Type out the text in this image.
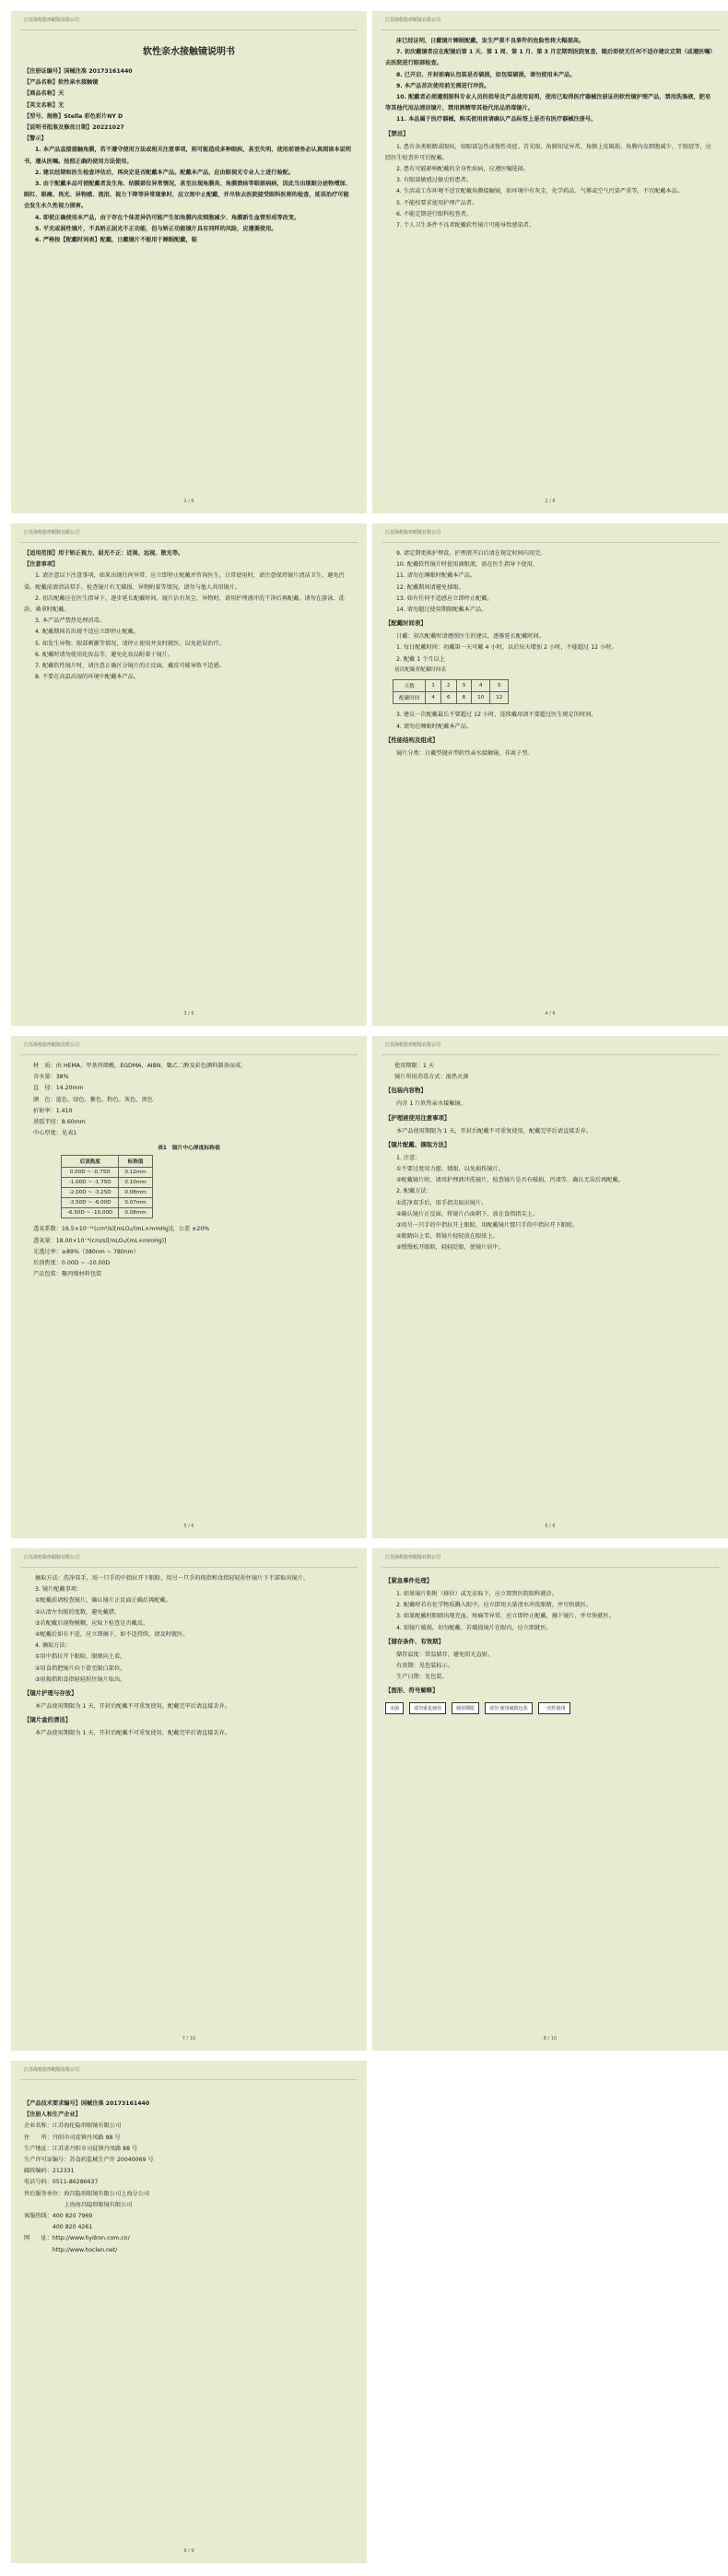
江苏海伦隐形眼镜有限公司
软性亲水接触镜说明书

【注册证编号】国械注准 20173161440

【产品名称】软性亲水接触镜

【商品名称】天

【英文名称】无

【型号、规格】Stella 彩色彩片NY D

【说明书批准及修改日期】20221027

【警示】

1. 本产品直接接触角膜，若不遵守使用方法或相关注意事项，则可能造成多种眼疾，甚至失明，使用前请务必认真阅读本说明书，遵从医嘱。按照正确的使用方法使用。

2. 建议经期和医生检查评估后，再决定是否配戴本产品。配戴本产品，应由眼视光专业人士进行验配。

3. 由于配戴本品可使配戴者发生角、结膜部位异常情况，甚至出现角膜炎、角膜溃疡等眼部病病，因此当出现眼分泌物增加、眼红、眼痛、畏光、异物感、流泪、视力下降等异常现象时，应立刻中止配戴，并尽快去医院接受眼科医师的检查，延误治疗可能会发生永久性视力损害。

4. 即使正确使用本产品，由于存在个体差异仍可能产生如角膜内皮细胞减少、角膜新生血管形成等改变。

5. 平光或弱性镜片，不具矫正屈光不正功能，但与矫正功能镜片具有同样的风险，应遵循使用。

6. 严格按【配戴时间表】配戴，日戴镜片不能用于睡眠配戴，临

1 / 6
江苏海伦隐形眼镜有限公司

床已经证明，日戴镜片睡眠配戴，发生严重不良事件的危险性将大幅提高。

7. 初次戴镜者应在配镜后第 1 天、第 1 周、第 1 月、第 3 月定期到医院复查，随后即使无任何不适亦建议定期（或遵医嘱）去医院进行眼部检查。

8. 已开启、开封前确认包装是否破损，如包装破损，请勿使用本产品。

9. 本产品首次使用前无需进行冲洗。

10. 配戴者必须遵照眼科专业人员的指导及产品使用说明，使用已取得医疗器械注册证的软性镜护理产品，禁用洗涤液，肥皂等其他代用品清洁镜片，禁用酒精等其他代用品消毒镜片。

11. 本品属于医疗器械，购买使用前请确认产品标签上是否有医疗器械注册号。

【禁忌】

1. 患有各类眼睛或眼疾，如眼部急性或慢性炎症、青光眼、角膜知觉异常、角膜上皮破损、角膜内皮细胞减少、干眼症等，应经医生检查许可后配戴。

2. 患有可能影响配戴的全身性疾病，应遵医嘱选择。

3. 有眼部敏感过敏史的患者。

4. 生活或工作环境不适宜配戴角膜接触镜，如环境中有灰尘、化学药品、气雾或空气污染严重等，不宜配戴本品。

5. 不能按要求使用护理产品者。

6. 不能定期进行眼科检查者。

7. 个人卫生条件不良者配戴软性镜片可能导致感染者。

2 / 6
江苏海伦隐形眼镜有限公司

【适用范围】用于矫正视力，屈光不正：近视、远视、散光等。

【注意事项】

1. 请注意以下注意事项，如果出现任何异常，应立即停止配戴并咨询医生。日常使用时，请注意保持镜片清洁卫生，避免污染。配戴前请清洁双手，检查镜片有无破损、异物附着等情况。请勿与他人共用镜片。

2. 初次配戴应在医生指导下，逐步延长配戴时间。镜片沾有灰尘、异物时，请用护理液冲洗干净后再配戴。请勿在游泳、洗浴、桑拿时配戴。

3. 本产品严禁热处理消毒。

4. 配戴期间若出现不适应立即停止配戴。

5. 如发生异物、眼部刺激等情况，请停止使用并及时就医，以免延误治疗。

6. 配戴时请勿使用化妆品等，避免化妆品附着于镜片。

7. 配戴软性镜片时，请注意正确区分镜片的正反面，戴反可能导致不适感。

8. 不要在高温高湿的环境中配戴本产品。

3 / 6
江苏海伦隐形眼镜有限公司

9. 请定期更换护理盒，护理液开启后请在规定时间内用完。

10. 配戴软性镜片时使用滴眼液，需在医生指导下使用。

11. 请勿在睡眠时配戴本产品。

12. 配戴期间请避免揉眼。

13. 如有任何不适感应立即停止配戴。

14. 请勿超过使用期限配戴本产品。

【配戴时间表】

日戴：初次配戴时请遵照医生的建议，逐渐延长配戴时间。

1. 每日配戴时间：初戴第一天可戴 4 小时，以后每天增加 2 小时，不能超过 12 小时。

2. 配戴 1 个月以上

初次配戴者配戴时间表
天数	1	2	3	4	5
配戴时间	4	6	8	10	12

3. 建议一次配戴最长不要超过 12 小时，连续戴用请不要超过医生规定的时间。

4. 请勿在睡眠时配戴本产品。

【性能结构及组成】

镜片分类：日戴型抛弃型软性亲水接触镜，非离子型。

4 / 6
江苏海伦隐形眼镜有限公司

材　质：由 HEMA、甲基丙烯酸、EGDMA、AIBN、聚乙二醇及彩色颜料制备而成。

含水量：38%

直　径：14.20mm

颜　色：蓝色、绿色、紫色、粉色、灰色、黑色

折射率：1.410

基弧半径：8.60mm

中心厚度：见表1

表1　镜片中心厚度标称值
后顶焦度	标称值
0.00D ~ -0.75D	0.12mm
-1.00D ~ -1.75D	0.10mm
-2.00D ~ -3.25D	0.08mm
-3.50D ~ -6.00D	0.07mm
-6.50D ~ -10.00D	0.08mm

透氧系数：16.5×10⁻¹¹(cm²/s)[mLO₂/(mL×mmHg)]，公差 ±20%

透氧量：18.00×10⁻⁹(cm/s)[mLO₂/(mL×mmHg)]

光透过率：≥89%（380nm ~ 780nm）

后顶焦度：0.00D ~ -10.00D

产品包装：聚丙烯材料包装

5 / 6
江苏海伦隐形眼镜有限公司

使用期限：1 天

镜片所用消毒方式：湿热灭菌

【包装内容物】

内含 1 片软性亲水接触镜。

【护理液使用注意事项】

本产品使用期限为 1 天，开封后配戴不可重复使用，配戴完毕后请直接丢弃。

【镜片配戴、摘取方法】

1. 注意：

①不要过度用力握、揉眼，以免损伤镜片。

②配戴镜片时，请用护理液冲洗镜片，检查镜片是否有破损、污渍等，确认无误后再配戴。

2. 配戴方法：

①洗净双手后，用手指尖取出镜片。

②确认镜片正反面，将镜片凸面朝下，放在食指指尖上。

③用另一只手的中指拉开上眼睑，用配戴镜片那只手的中指拉开下眼睑。

④眼睛向上看，将镜片轻轻放在眼球上。

⑤慢慢松开眼睑，轻轻眨眼，使镜片居中。

6 / 6
江苏海伦隐形眼镜有限公司

摘取方法：洗净双手，用一只手的中指拉开下眼睑，用另一只手的拇指和食指轻轻捏住镜片下半部取出镜片。

3. 镜片配戴事项：

①配戴前请检查镜片，确认镜片正反面正确后再配戴。

②认清左右眼的度数，避免戴错。

③若配戴后视物模糊，应取下检查是否戴反。

④配戴后如有不适，应立即摘下，如不适持续，请及时就医。

4. 摘取方法：

①用中指拉开下眼睑，眼睛向上看。

②用食指把镜片向下滑至眼白部位。

③用拇指和食指轻轻捏住镜片取出。

【镜片护理与存放】

本产品使用期限为 1 天，开封后配戴不可重复使用，配戴完毕后请直接丢弃。

【镜片盒的清洁】

本产品使用期限为 1 天，开封后配戴不可重复使用，配戴完毕后请直接丢弃。

7 / 10
江苏海伦隐形眼镜有限公司
【紧急事件处理】

1. 如果镜片粘附（移位）或无法取下，应立即到医院眼科就诊。

2. 配戴时若有化学物质溅入眼中，应立即用大量清水冲洗眼睛，并尽快就医。

3. 如果配戴时眼睛出现充血、疼痛等异常，应立即停止配戴，摘下镜片，并尽快就医。

4. 如镜片破损，切勿配戴。若破损镜片在眼内，应立即就医。

【储存条件、有效期】

储存温度：常温储存，避免阳光直射。

有效期：见包装标示。

生产日期：见包装。

【图形、符号解释】
灭菌	请勿重复使用	使用期限	请勿 使用破损包装	一次性使用
8 / 10
江苏海伦隐形眼镜有限公司

【产品技术要求编号】国械注准 20173161440

【注册人和生产企业】

企业名称：江苏海伦隐形眼镜有限公司

住　　所：丹阳市司徒镇丹凤路 88 号

生产地址：江苏省丹阳市司徒镇丹凤路 88 号

生产许可证编号：苏食药监械生产许 20040069 号

邮政编码：212331

电话号码：0511-86286637

售后服务单位：海昌隐形眼镜有限公司上海分公司

　　　　　　　上海海昌隐形眼镜有限公司

客服热线：400 820 7969

　　　　　400 820 4261

网　　址：http://www.hydron.com.cn/

　　　　　http://www.hoclen.net/

9 / 9
